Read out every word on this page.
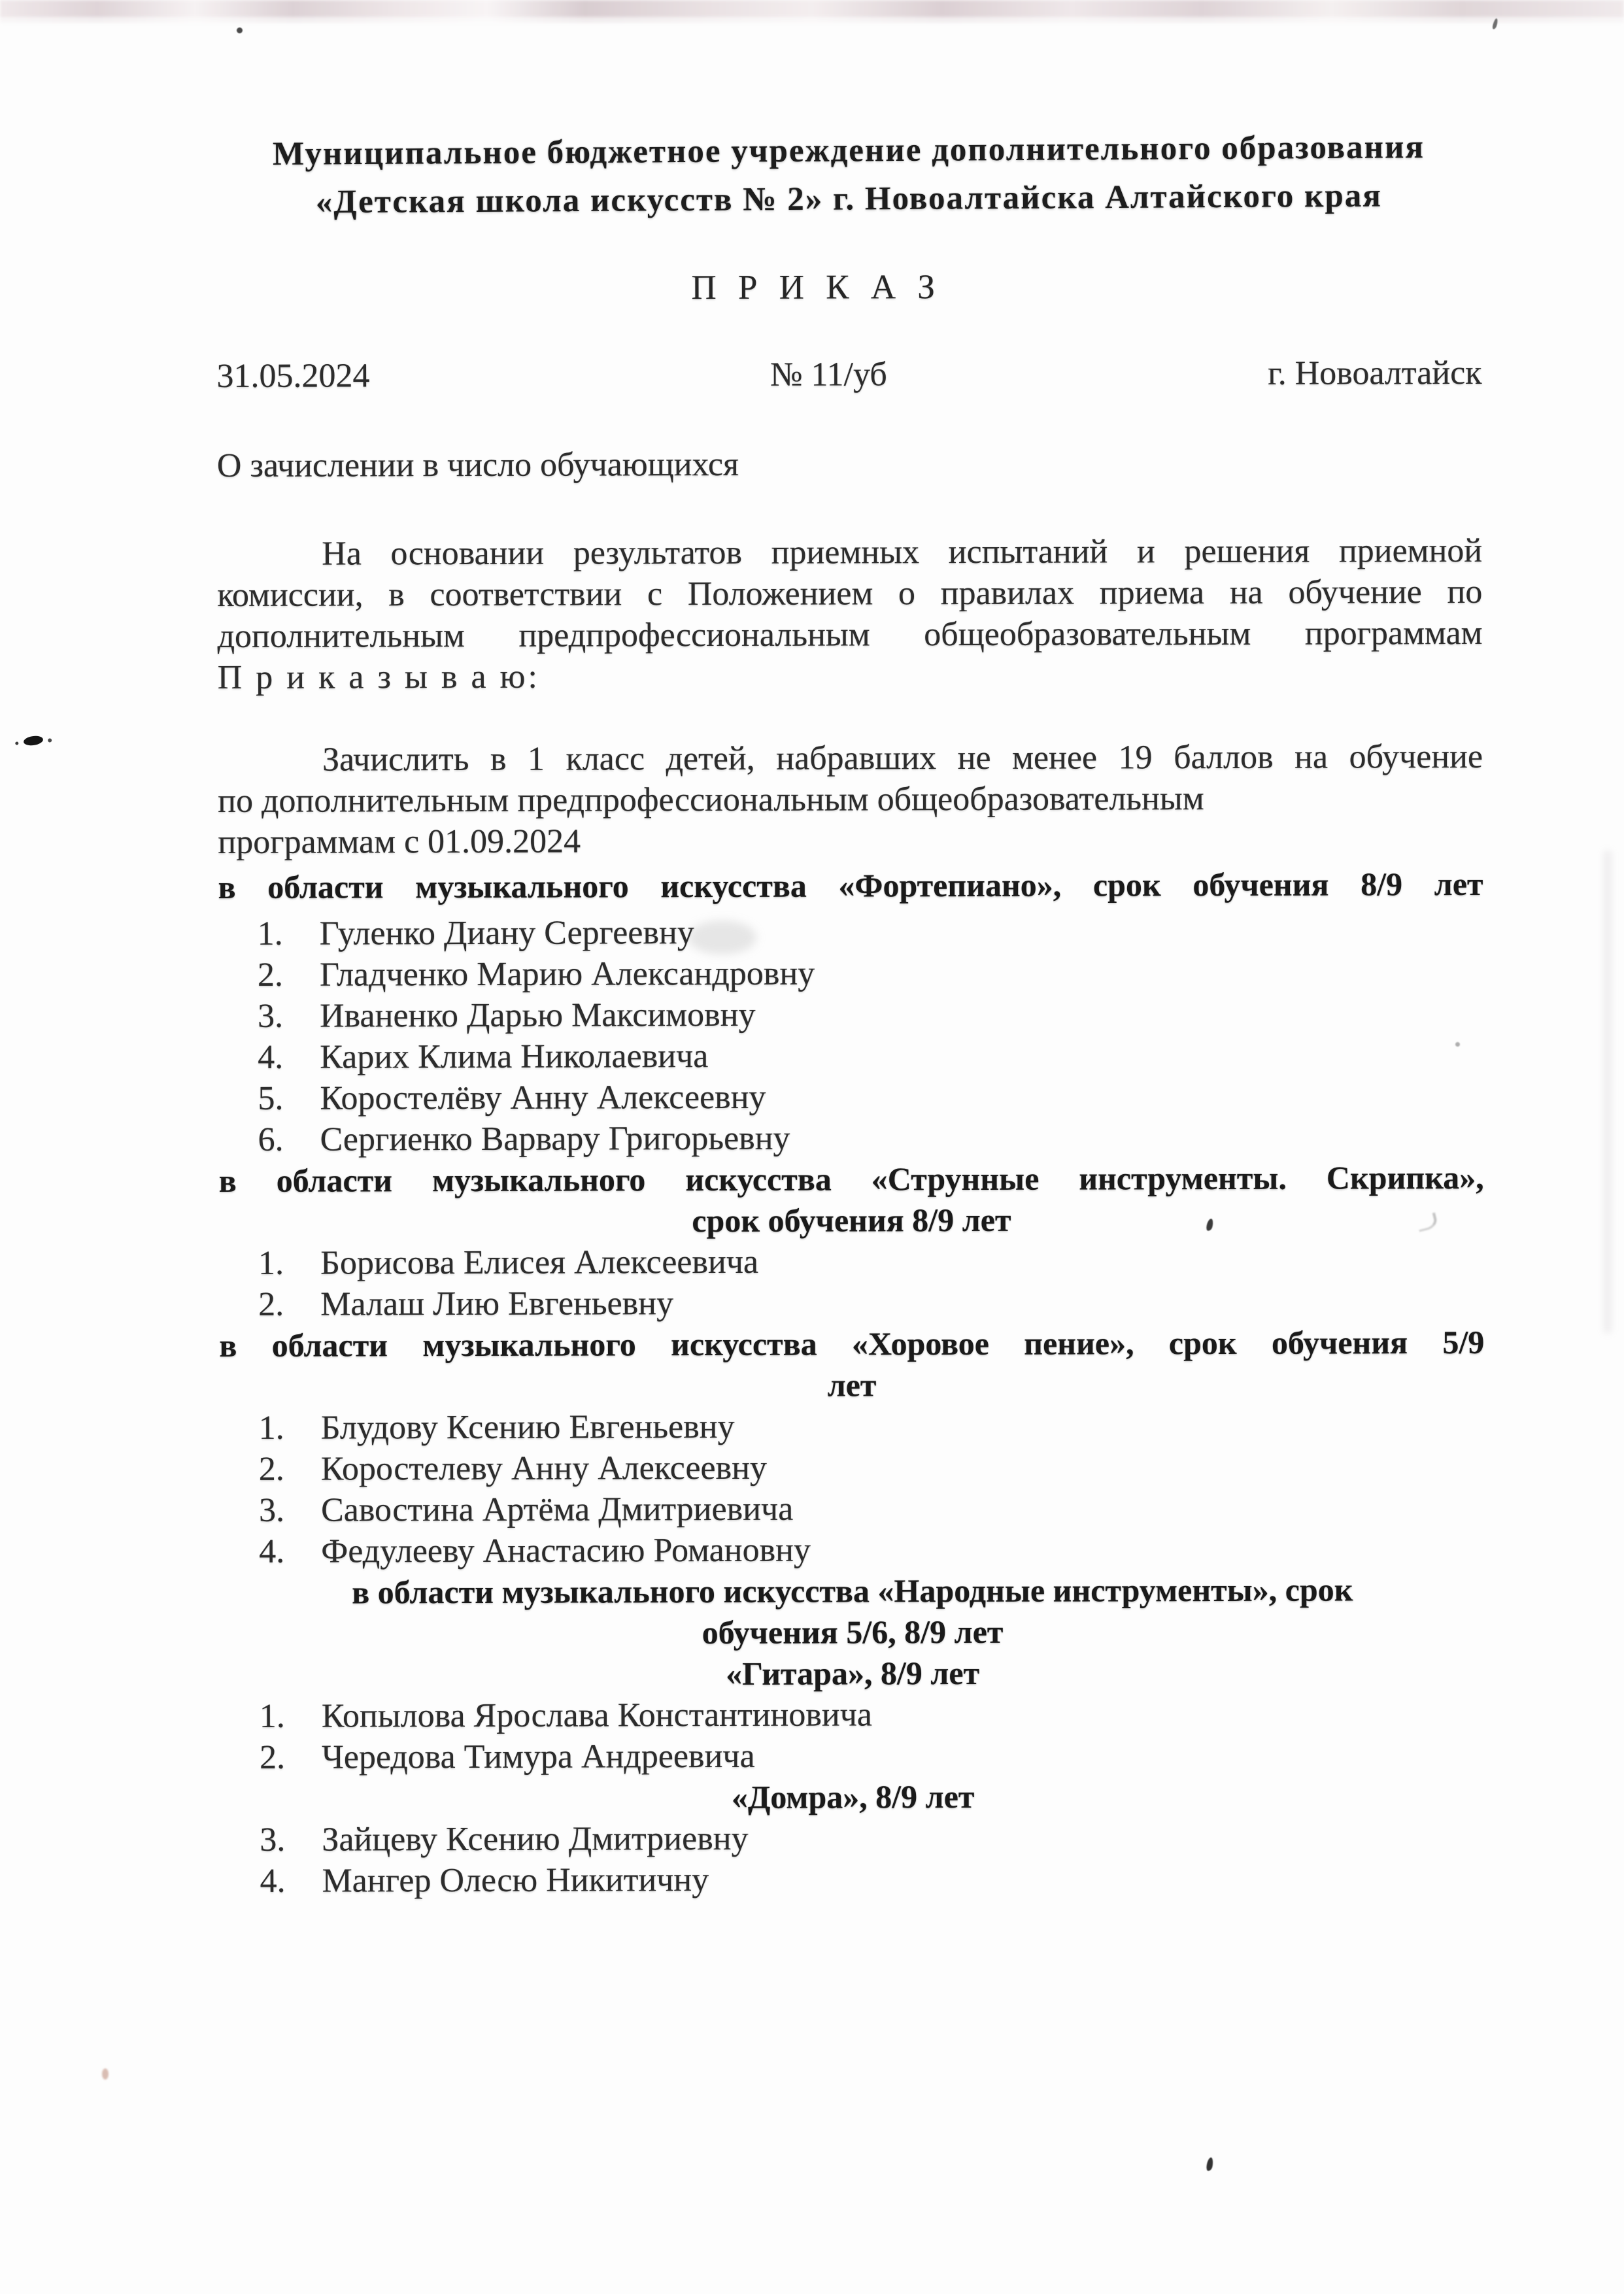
Муниципальное бюджетное учреждение дополнительного образования
«Детская школа искусств № 2» г. Новоалтайска Алтайского края
П Р И К А З
31.05.2024	№ 11/уб	г. Новоалтайск
О зачислении в число обучающихся
На основании результатов приемных испытаний и решения приемной
комиссии, в соответствии с Положением о правилах приема на обучение по
дополнительным предпрофессиональным общеобразовательным программам
П р и к а з ы в а ю:
Зачислить в 1 класс детей, набравших не менее 19 баллов на обучение
по дополнительным предпрофессиональным общеобразовательным
программам с 01.09.2024
в области музыкального искусства «Фортепиано», срок обучения 8/9 лет
1. Гуленко Диану Сергеевну
2. Гладченко Марию Александровну
3. Иваненко Дарью Максимовну
4. Карих Клима Николаевича
5. Коростелёву Анну Алексеевну
6. Сергиенко Варвару Григорьевну
в области музыкального искусства «Струнные инструменты. Скрипка»,
срок обучения 8/9 лет
1. Борисова Елисея Алексеевича
2. Малаш Лию Евгеньевну
в области музыкального искусства «Хоровое пение», срок обучения 5/9
лет
1. Блудову Ксению Евгеньевну
2. Коростелеву Анну Алексеевну
3. Савостина Артёма Дмитриевича
4. Федулееву Анастасию Романовну
в области музыкального искусства «Народные инструменты», срок
обучения 5/6, 8/9 лет
«Гитара», 8/9 лет
1. Копылова Ярослава Константиновича
2. Чередова Тимура Андреевича
«Домра», 8/9 лет
3. Зайцеву Ксению Дмитриевну
4. Мангер Олесю Никитичну
